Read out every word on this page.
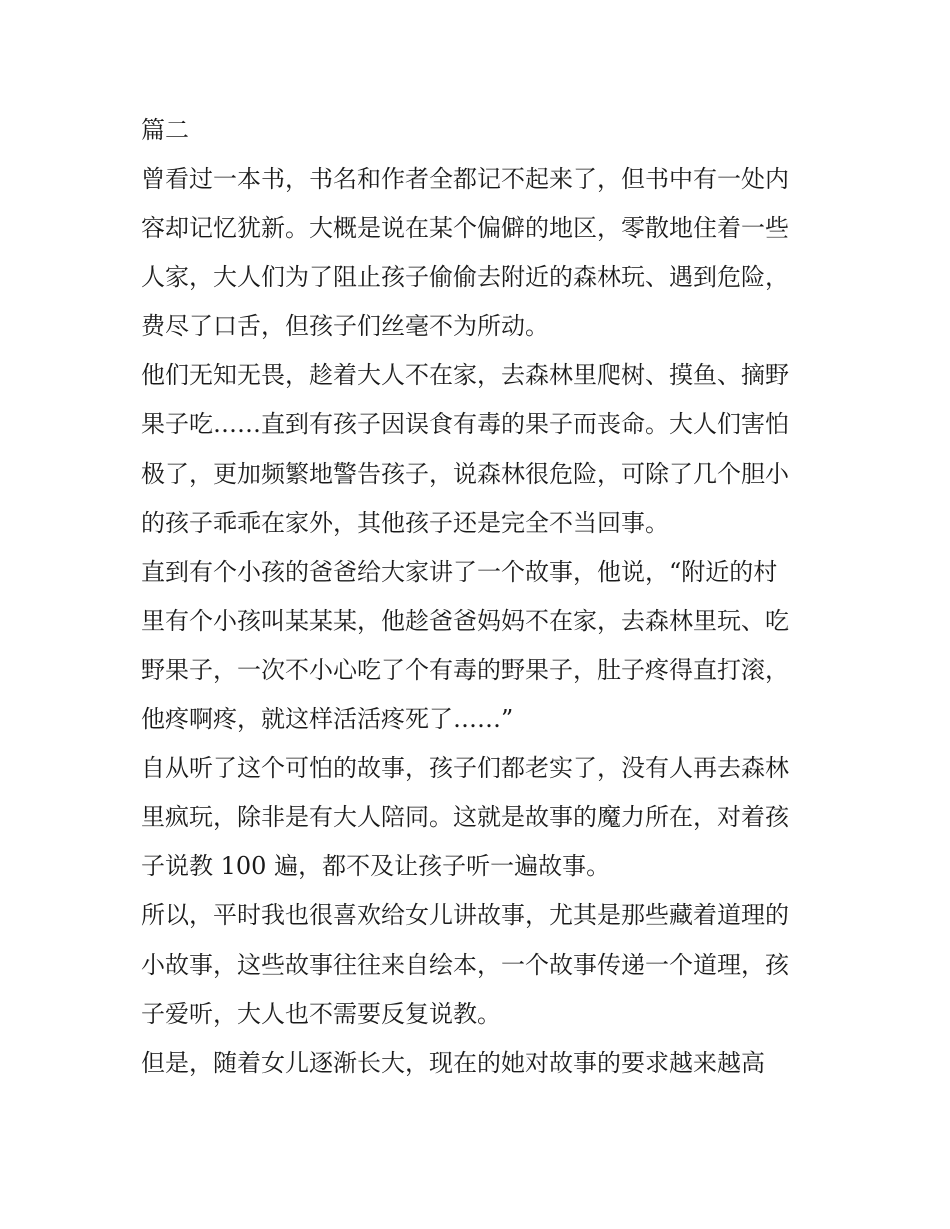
篇二
曾看过一本书，书名和作者全都记不起来了，但书中有一处内
容却记忆犹新。大概是说在某个偏僻的地区，零散地住着一些
人家，大人们为了阻止孩子偷偷去附近的森林玩、遇到危险，
费尽了口舌，但孩子们丝毫不为所动。
他们无知无畏，趁着大人不在家，去森林里爬树、摸鱼、摘野
果子吃……直到有孩子因误食有毒的果子而丧命。大人们害怕
极了，更加频繁地警告孩子，说森林很危险，可除了几个胆小
的孩子乖乖在家外，其他孩子还是完全不当回事。
直到有个小孩的爸爸给大家讲了一个故事，他说，“附近的村
里有个小孩叫某某某，他趁爸爸妈妈不在家，去森林里玩、吃
野果子，一次不小心吃了个有毒的野果子，肚子疼得直打滚，
他疼啊疼，就这样活活疼死了……”
自从听了这个可怕的故事，孩子们都老实了，没有人再去森林
里疯玩，除非是有大人陪同。这就是故事的魔力所在，对着孩
子说教 100 遍，都不及让孩子听一遍故事。
所以，平时我也很喜欢给女儿讲故事，尤其是那些藏着道理的
小故事，这些故事往往来自绘本，一个故事传递一个道理，孩
子爱听，大人也不需要反复说教。
但是，随着女儿逐渐长大，现在的她对故事的要求越来越高
